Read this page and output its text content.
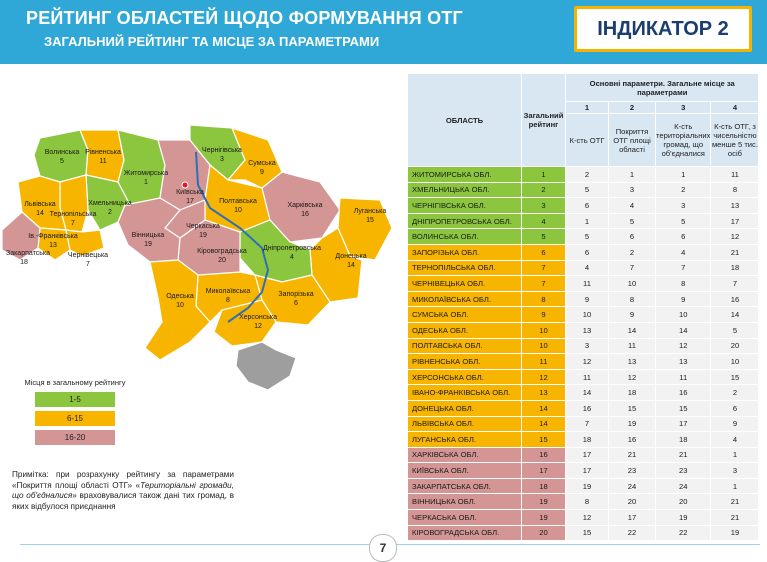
РЕЙТИНГ ОБЛАСТЕЙ ЩОДО ФОРМУВАННЯ ОТГ
ЗАГАЛЬНИЙ РЕЙТИНГ ТА МІСЦЕ ЗА ПАРАМЕТРАМИ
ІНДИКАТОР 2
Волинська
5
Рівненська
11
Житомирська
1
Чернігівська
3
Сумська
9
Київська
17	Полтавська
10
Харківська
16	Луганська
15
Львівська
14
Хмельницька
2
Тернопільська
7
Ів.-Франківська
13
Закарпатська
18
Чернівецька
7
Вінницька
19
Черкаська
19
Кіровоградська
20
Дніпропетровська
4	Донецька
14
Одеська
10
Миколаївська
8
Запорізька
6
Херсонська
12
Місця в загальному рейтингу
1-5
6-15
16-20
Примітка: при розрахунку рейтингу за параметрами «Покриття площі області ОТГ» «Територіальні громади, що об'єдналися» враховувалися також дані тих громад, в яких відбулося приєднання
ОБЛАСТЬ	Загальний рейтинг	Основні параметри. Загальне місце за параметрами			
		1	2	3	4
		К-сть ОТГ	Покриття ОТГ площі області	К-сть територіальних громад, що об'єдналися	К-сть ОТГ, з чисельністю менше 5 тис. осіб
ЖИТОМИРСЬКА ОБЛ.	1	2	1	1	11
ХМЕЛЬНИЦЬКА ОБЛ.	2	5	3	2	8
ЧЕРНІГІВСЬКА ОБЛ.	3	6	4	3	13
ДНІПРОПЕТРОВСЬКА ОБЛ.	4	1	5	5	17
ВОЛИНСЬКА ОБЛ.	5	5	6	6	12
ЗАПОРІЗЬКА ОБЛ.	6	6	2	4	21
ТЕРНОПІЛЬСЬКА ОБЛ.	7	4	7	7	18
ЧЕРНІВЕЦЬКА ОБЛ.	7	11	10	8	7
МИКОЛАЇВСЬКА ОБЛ.	8	9	8	9	16
СУМСЬКА ОБЛ.	9	10	9	10	14
ОДЕСЬКА ОБЛ.	10	13	14	14	5
ПОЛТАВСЬКА ОБЛ.	10	3	11	12	20
РІВНЕНСЬКА ОБЛ.	11	12	13	13	10
ХЕРСОНСЬКА ОБЛ.	12	11	12	11	15
ІВАНО-ФРАНКІВСЬКА ОБЛ.	13	14	18	16	2
ДОНЕЦЬКА ОБЛ.	14	16	15	15	6
ЛЬВІВСЬКА ОБЛ.	14	7	19	17	9
ЛУГАНСЬКА ОБЛ.	15	18	16	18	4
ХАРКІВСЬКА ОБЛ.	16	17	21	21	1
КИЇВСЬКА ОБЛ.	17	17	23	23	3
ЗАКАРПАТСЬКА ОБЛ.	18	19	24	24	1
ВІННИЦЬКА ОБЛ.	19	8	20	20	21
ЧЕРКАСЬКА ОБЛ.	19	12	17	19	21
КІРОВОГРАДСЬКА ОБЛ.	20	15	22	22	19
7
